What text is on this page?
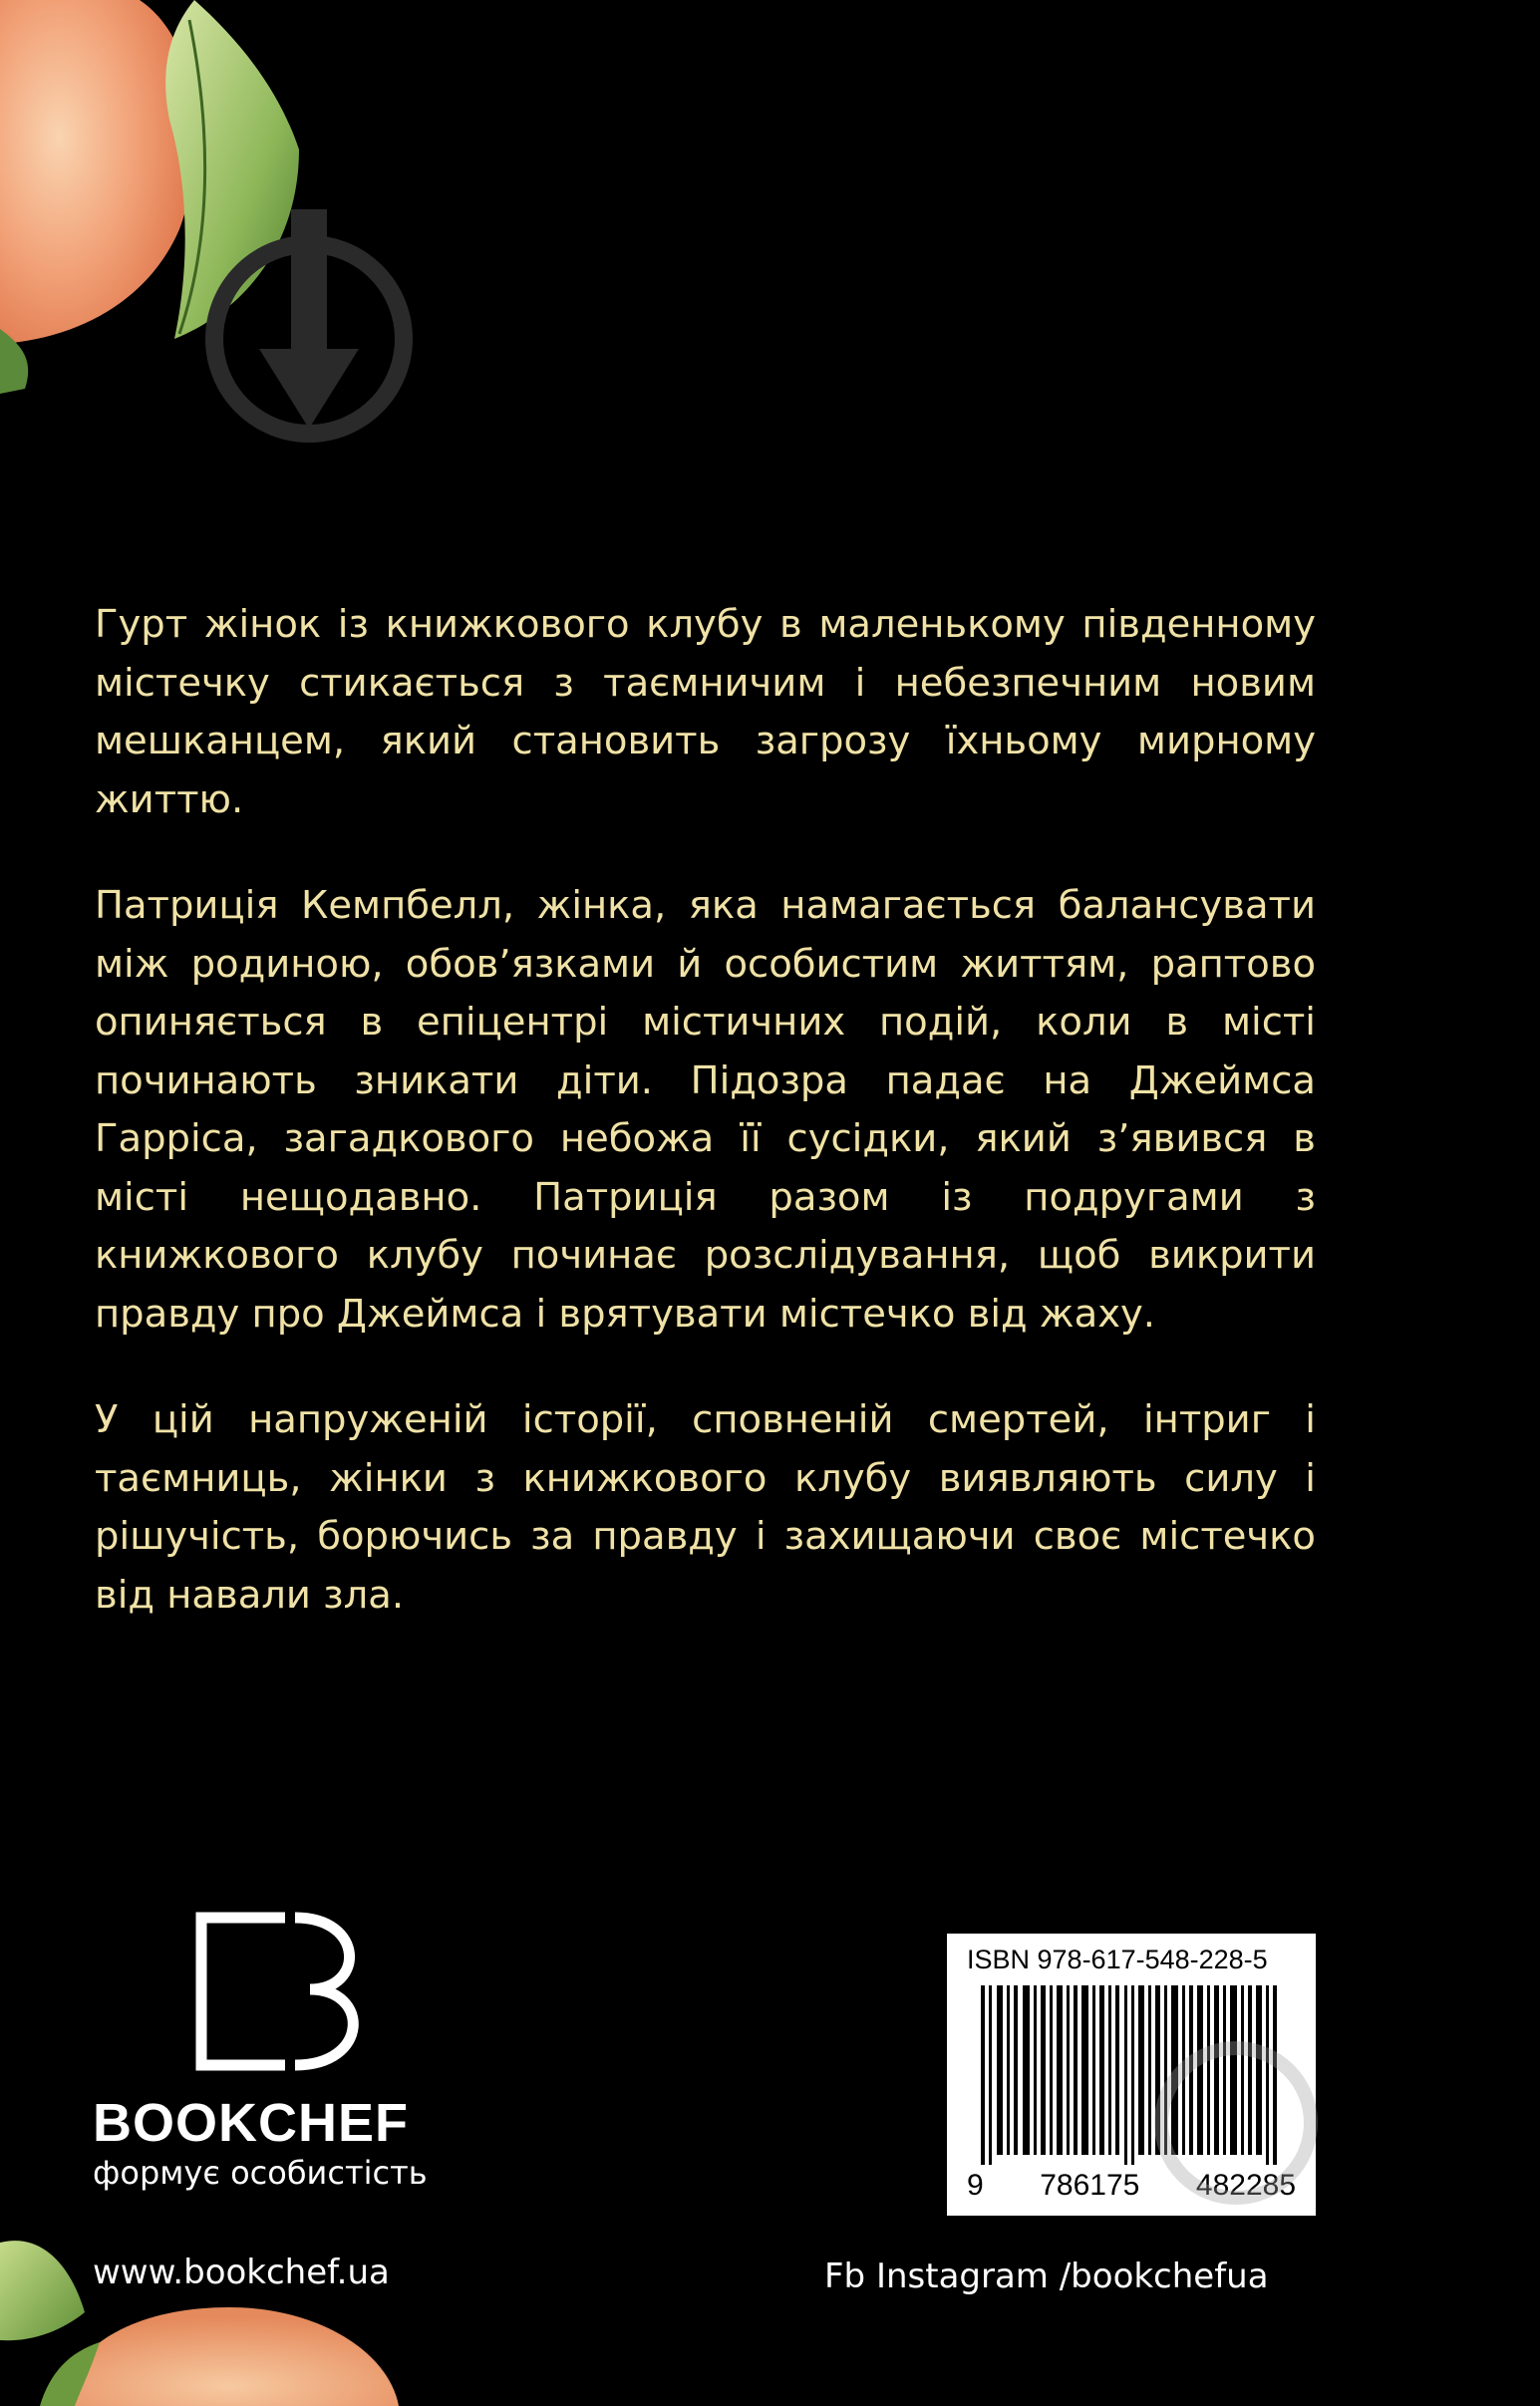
Гурт жінок із книжкового клубу в маленькому південному містечку стикається з таємничим і небезпечним новим мешканцем, який становить загрозу їхньому мирному життю.

Патриція Кемпбелл, жінка, яка намагається балансувати між родиною, обов’язками й особистим життям, раптово опиняється в епіцентрі містичних подій, коли в місті починають зникати діти. Підозра падає на Джеймса Гарріса, загадкового небожа її сусідки, який з’явився в місті нещодавно. Патриція разом із подругами з книжкового клубу починає розслідування, щоб викрити правду про Джеймса і врятувати містечко від жаху.

У цій напруженій історії, сповненій смертей, інтриг і таємниць, жінки з книжкового клубу виявляють силу і рішучість, борючись за правду і захищаючи своє містечко від навали зла.

BOOKCHEF
формує особистість
www.bookchef.ua	Fb Instagram /bookchefua
ISBN 978-617-548-228-5
9 786175 482285
